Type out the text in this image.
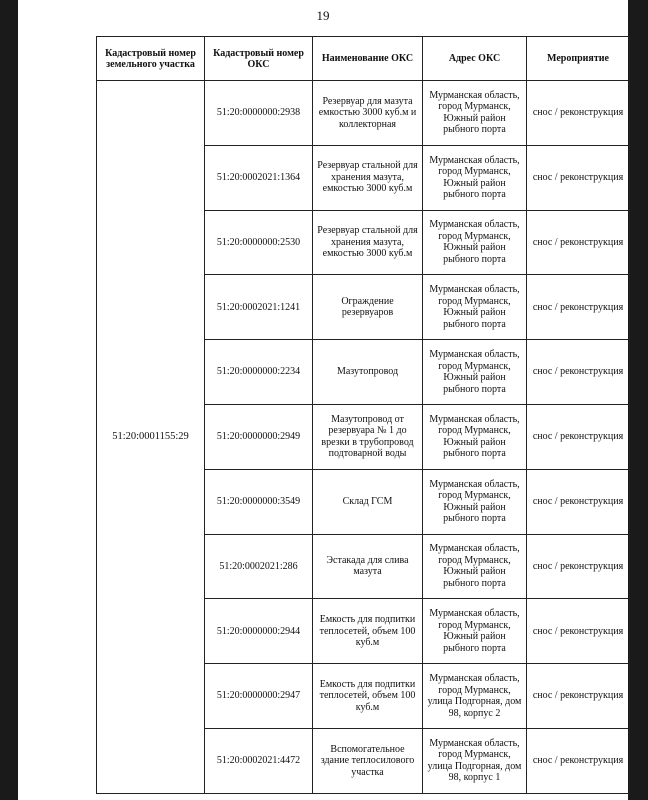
19
Кадастровый номер земельного участка	Кадастровый номер ОКС	Наименование ОКС	Адрес ОКС	Мероприятие
51:20:0001155:29	51:20:0000000:2938	Резервуар для мазута емкостью 3000 куб.м и коллекторная	Мурманская область, город Мурманск, Южный район рыбного порта	снос / реконструкция
	51:20:0002021:1364	Резервуар стальной для хранения мазута, емкостью 3000 куб.м	Мурманская область, город Мурманск, Южный район рыбного порта	снос / реконструкция
	51:20:0000000:2530	Резервуар стальной для хранения мазута, емкостью 3000 куб.м	Мурманская область, город Мурманск, Южный район рыбного порта	снос / реконструкция
	51:20:0002021:1241	Ограждение резервуаров	Мурманская область, город Мурманск, Южный район рыбного порта	снос / реконструкция
	51:20:0000000:2234	Мазутопровод	Мурманская область, город Мурманск, Южный район рыбного порта	снос / реконструкция
	51:20:0000000:2949	Мазутопровод от резервуара № 1 до врезки в трубопровод подтоварной воды	Мурманская область, город Мурманск, Южный район рыбного порта	снос / реконструкция
	51:20:0000000:3549	Склад ГСМ	Мурманская область, город Мурманск, Южный район рыбного порта	снос / реконструкция
	51:20:0002021:286	Эстакада для слива мазута	Мурманская область, город Мурманск, Южный район рыбного порта	снос / реконструкция
	51:20:0000000:2944	Емкость для подпитки теплосетей, объем 100 куб.м	Мурманская область, город Мурманск, Южный район рыбного порта	снос / реконструкция
	51:20:0000000:2947	Емкость для подпитки теплосетей, объем 100 куб.м	Мурманская область, город Мурманск, улица Подгорная, дом 98, корпус 2	снос / реконструкция
	51:20:0002021:4472	Вспомогательное здание теплосилового участка	Мурманская область, город Мурманск, улица Подгорная, дом 98, корпус 1	снос / реконструкция
